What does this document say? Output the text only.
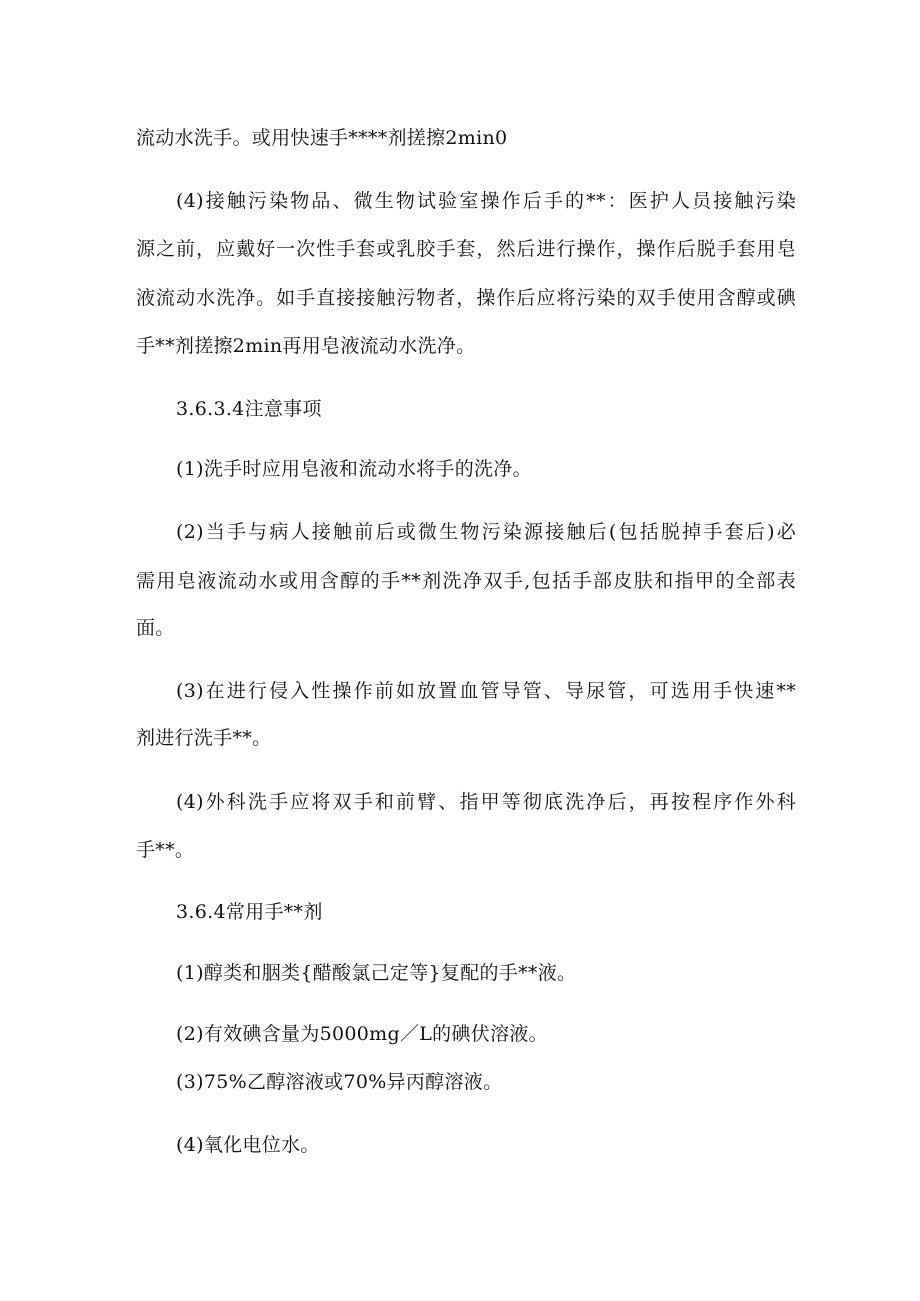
流动水洗手。或用快速手****剂搓擦2min0
(4)接触污染物品、微生物试验室操作后手的**：医护人员接触污染
源之前，应戴好一次性手套或乳胶手套，然后进行操作，操作后脱手套用皂
液流动水洗净。如手直接接触污物者，操作后应将污染的双手使用含醇或碘
手**剂搓擦2min再用皂液流动水洗净。
3.6.3.4注意事项
(1)洗手时应用皂液和流动水将手的洗净。
(2)当手与病人接触前后或微生物污染源接触后(包括脱掉手套后)必
需用皂液流动水或用含醇的手**剂洗净双手,包括手部皮肤和指甲的全部表
面。
(3)在进行侵入性操作前如放置血管导管、导尿管，可选用手快速**
剂进行洗手**。
(4)外科洗手应将双手和前臂、指甲等彻底洗净后，再按程序作外科
手**。
3.6.4常用手**剂
(1)醇类和胭类{醋酸氯己定等}复配的手**液。
(2)有效碘含量为5000mg／L的碘伏溶液。
(3)75%乙醇溶液或70%异丙醇溶液。
(4)氧化电位水。
